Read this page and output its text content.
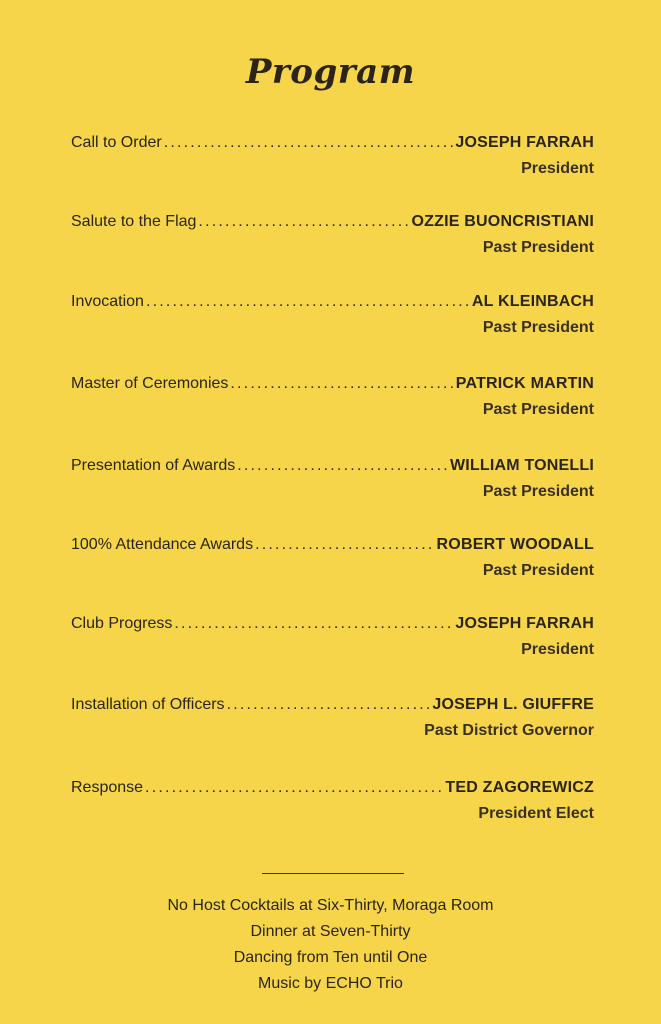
Program
Call to Order .....	JOSEPH FARRAH
President
Salute to the Flag .....	OZZIE BUONCRISTIANI
Past President
Invocation .....	AL KLEINBACH
Past President
Master of Ceremonies .....	PATRICK MARTIN
Past President
Presentation of Awards .....	WILLIAM TONELLI
Past President
100% Attendance Awards .....	ROBERT WOODALL
Past President
Club Progress .....	JOSEPH FARRAH
President
Installation of Officers .....	JOSEPH L. GIUFFRE
Past District Governor
Response .....	TED ZAGOREWICZ
President Elect
No Host Cocktails at Six-Thirty, Moraga Room
Dinner at Seven-Thirty
Dancing from Ten until One
Music by ECHO Trio
